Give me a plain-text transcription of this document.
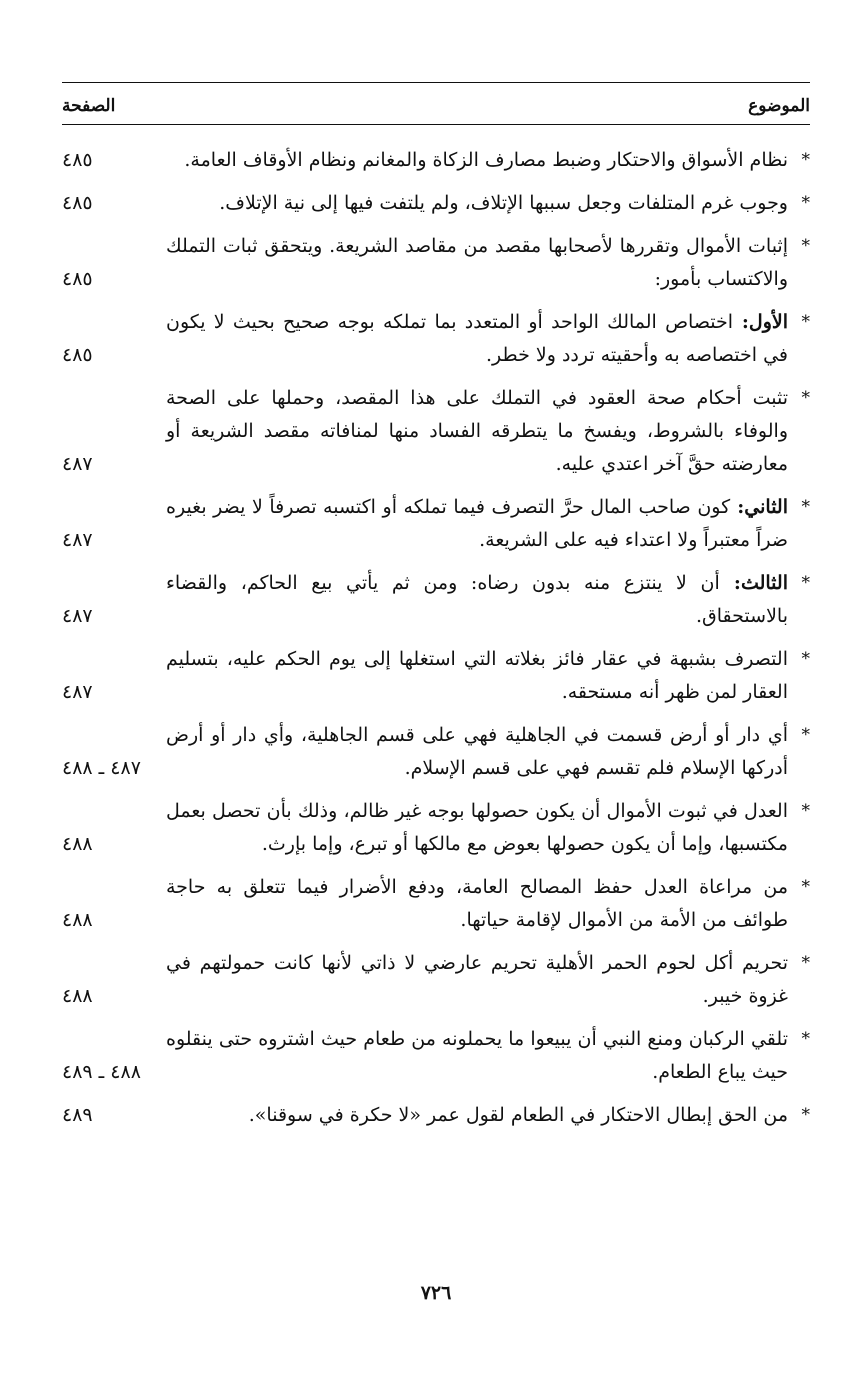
الموضوع
الصفحة
*
نظام الأسواق والاحتكار وضبط مصارف الزكاة والمغانم ونظام الأوقاف العامة.
٤٨٥
*
وجوب غرم المتلفات وجعل سببها الإتلاف، ولم يلتفت فيها إلى نية الإتلاف.
٤٨٥
*
إثبات الأموال وتقررها لأصحابها مقصد من مقاصد الشريعة. ويتحقق ثبات التملك والاكتساب بأمور:
٤٨٥
*
الأول: اختصاص المالك الواحد أو المتعدد بما تملكه بوجه صحيح بحيث لا يكون في اختصاصه به وأحقيته تردد ولا خطر.
٤٨٥
*
تثبت أحكام صحة العقود في التملك على هذا المقصد، وحملها على الصحة والوفاء بالشروط، ويفسخ ما يتطرقه الفساد منها لمنافاته مقصد الشريعة أو معارضته حقَّ آخر اعتدي عليه.
٤٨٧
*
الثاني: كون صاحب المال حرَّ التصرف فيما تملكه أو اكتسبه تصرفاً لا يضر بغيره ضراً معتبراً ولا اعتداء فيه على الشريعة.
٤٨٧
*
الثالث: أن لا ينتزع منه بدون رضاه: ومن ثم يأتي بيع الحاكم، والقضاء بالاستحقاق.
٤٨٧
*
التصرف بشبهة في عقار فائز بغلاته التي استغلها إلى يوم الحكم عليه، بتسليم العقار لمن ظهر أنه مستحقه.
٤٨٧
*
أي دار أو أرض قسمت في الجاهلية فهي على قسم الجاهلية، وأي دار أو أرض أدركها الإسلام فلم تقسم فهي على قسم الإسلام.
٤٨٧ ـ ٤٨٨
*
العدل في ثبوت الأموال أن يكون حصولها بوجه غير ظالم، وذلك بأن تحصل بعمل مكتسبها، وإما أن يكون حصولها بعوض مع مالكها أو تبرع، وإما بإرث.
٤٨٨
*
من مراعاة العدل حفظ المصالح العامة، ودفع الأضرار فيما تتعلق به حاجة طوائف من الأمة من الأموال لإقامة حياتها.
٤٨٨
*
تحريم أكل لحوم الحمر الأهلية تحريم عارضي لا ذاتي لأنها كانت حمولتهم في غزوة خيبر.
٤٨٨
*
تلقي الركبان ومنع النبي أن يبيعوا ما يحملونه من طعام حيث اشتروه حتى ينقلوه حيث يباع الطعام.
٤٨٨ ـ ٤٨٩
*
من الحق إبطال الاحتكار في الطعام لقول عمر «لا حكرة في سوقنا».
٤٨٩
٧٢٦
